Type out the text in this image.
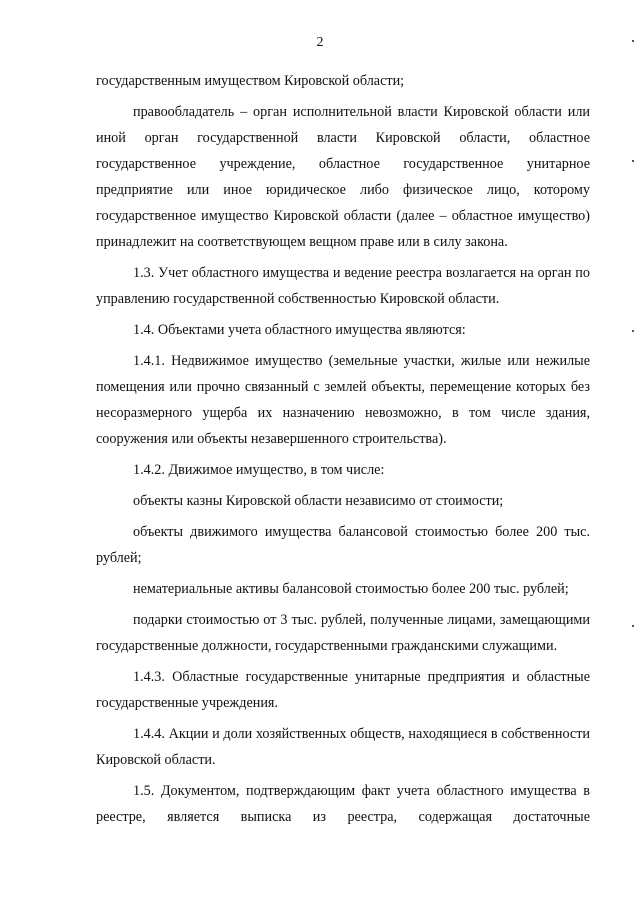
2

государственным имуществом Кировской области;

правообладатель – орган исполнительной власти Кировской области или иной орган государственной власти Кировской области, областное государственное учреждение, областное государственное унитарное предприятие или иное юридическое либо физическое лицо, которому государственное имущество Кировской области (далее – областное имущество) принадлежит на соответствующем вещном праве или в силу закона.

1.3. Учет областного имущества и ведение реестра возлагается на орган по управлению государственной собственностью Кировской области.

1.4. Объектами учета областного имущества являются:

1.4.1. Недвижимое имущество (земельные участки, жилые или нежилые помещения или прочно связанный с землей объекты, перемещение которых без несоразмерного ущерба их назначению невозможно, в том числе здания, сооружения или объекты незавершенного строительства).

1.4.2. Движимое имущество, в том числе:

объекты казны Кировской области независимо от стоимости;

объекты движимого имущества балансовой стоимостью более 200 тыс. рублей;

нематериальные активы балансовой стоимостью более 200 тыс. рублей;

подарки стоимостью от 3 тыс. рублей, полученные лицами, замещающими государственные должности, государственными гражданскими служащими.

1.4.3. Областные государственные унитарные предприятия и областные государственные учреждения.

1.4.4. Акции и доли хозяйственных обществ, находящиеся в собственности Кировской области.

1.5. Документом, подтверждающим факт учета областного имущества в реестре, является выписка из реестра, содержащая достаточные
